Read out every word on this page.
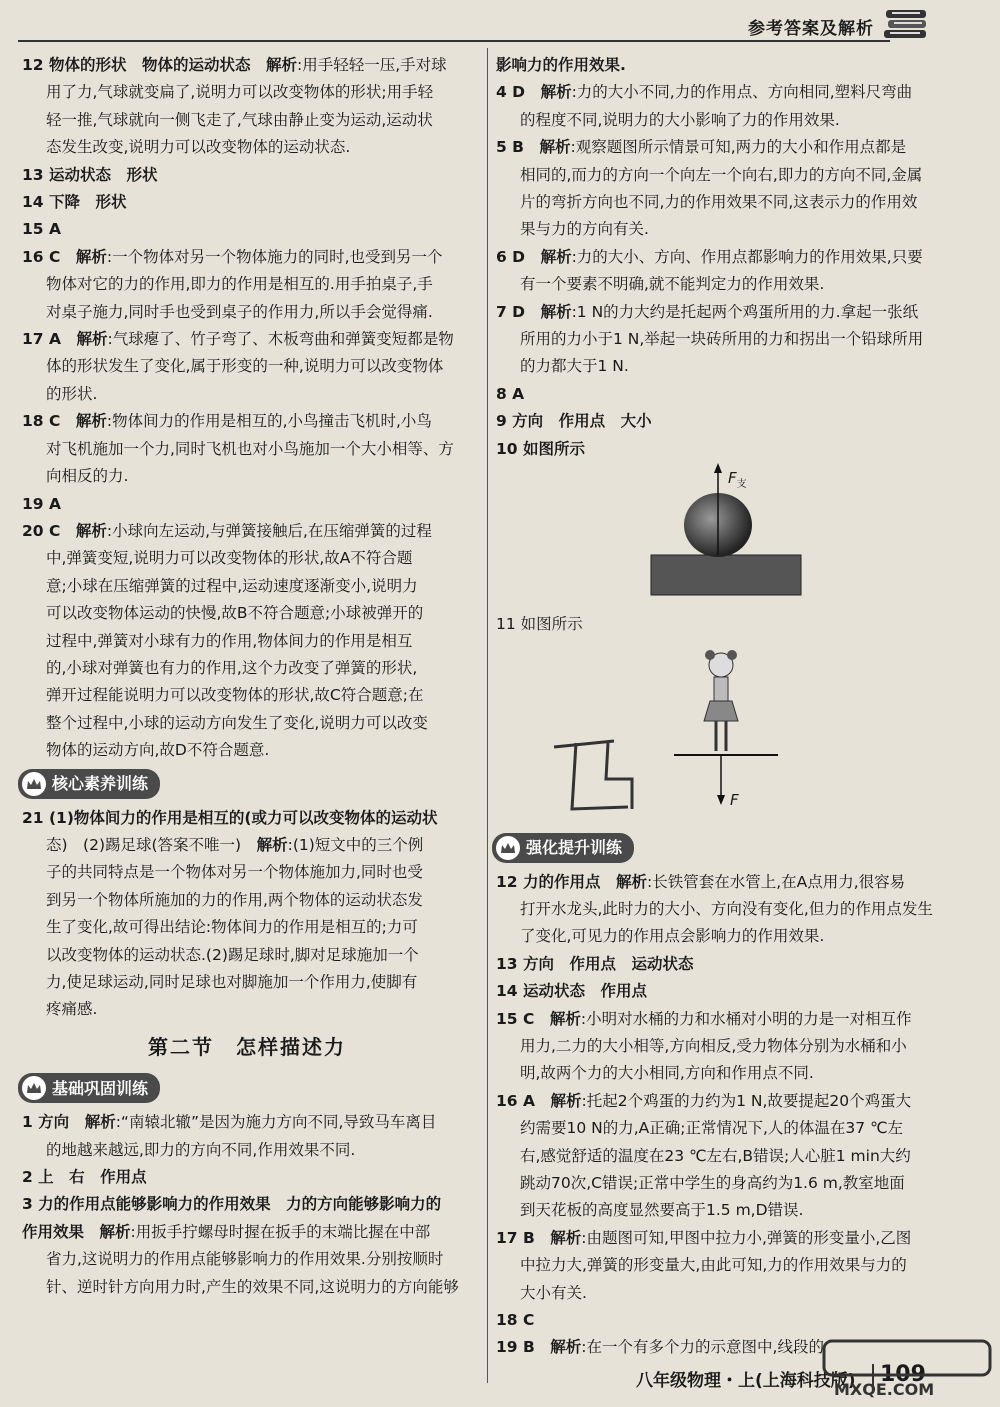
参考答案及解析
12 物体的形状　物体的运动状态　解析:用手轻轻一压,手对球
用了力,气球就变扁了,说明力可以改变物体的形状;用手轻
轻一推,气球就向一侧飞走了,气球由静止变为运动,运动状
态发生改变,说明力可以改变物体的运动状态.
13 运动状态　形状
14 下降　形状
15 A
16 C　解析:一个物体对另一个物体施力的同时,也受到另一个
物体对它的力的作用,即力的作用是相互的.用手拍桌子,手
对桌子施力,同时手也受到桌子的作用力,所以手会觉得痛.
17 A　解析:气球瘪了、竹子弯了、木板弯曲和弹簧变短都是物
体的形状发生了变化,属于形变的一种,说明力可以改变物体
的形状.
18 C　解析:物体间力的作用是相互的,小鸟撞击飞机时,小鸟
对飞机施加一个力,同时飞机也对小鸟施加一个大小相等、方
向相反的力.
19 A
20 C　解析:小球向左运动,与弹簧接触后,在压缩弹簧的过程
中,弹簧变短,说明力可以改变物体的形状,故A不符合题
意;小球在压缩弹簧的过程中,运动速度逐渐变小,说明力
可以改变物体运动的快慢,故B不符合题意;小球被弹开的
过程中,弹簧对小球有力的作用,物体间力的作用是相互
的,小球对弹簧也有力的作用,这个力改变了弹簧的形状,
弹开过程能说明力可以改变物体的形状,故C符合题意;在
整个过程中,小球的运动方向发生了变化,说明力可以改变
物体的运动方向,故D不符合题意.
核心素养训练
21 (1)物体间力的作用是相互的(或力可以改变物体的运动状
态)　(2)踢足球(答案不唯一)　解析:(1)短文中的三个例
子的共同特点是一个物体对另一个物体施加力,同时也受
到另一个物体所施加的力的作用,两个物体的运动状态发
生了变化,故可得出结论:物体间力的作用是相互的;力可
以改变物体的运动状态.(2)踢足球时,脚对足球施加一个
力,使足球运动,同时足球也对脚施加一个作用力,使脚有
疼痛感.
第二节　怎样描述力
基础巩固训练
1 方向　解析:“南辕北辙”是因为施力方向不同,导致马车离目
的地越来越远,即力的方向不同,作用效果不同.
2 上　右　作用点
3 力的作用点能够影响力的作用效果　力的方向能够影响力的
作用效果　解析:用扳手拧螺母时握在扳手的末端比握在中部
省力,这说明力的作用点能够影响力的作用效果.分别按顺时
针、逆时针方向用力时,产生的效果不同,这说明力的方向能够
影响力的作用效果.
4 D　解析:力的大小不同,力的作用点、方向相同,塑料尺弯曲
的程度不同,说明力的大小影响了力的作用效果.
5 B　解析:观察题图所示情景可知,两力的大小和作用点都是
相同的,而力的方向一个向左一个向右,即力的方向不同,金属
片的弯折方向也不同,力的作用效果不同,这表示力的作用效
果与力的方向有关.
6 D　解析:力的大小、方向、作用点都影响力的作用效果,只要
有一个要素不明确,就不能判定力的作用效果.
7 D　解析:1 N的力大约是托起两个鸡蛋所用的力.拿起一张纸
所用的力小于1 N,举起一块砖所用的力和拐出一个铅球所用
的力都大于1 N.
8 A
9 方向　作用点　大小
10 如图所示
$F_支$
11 如图所示
F
强化提升训练
12 力的作用点　解析:长铁管套在水管上,在A点用力,很容易
打开水龙头,此时力的大小、方向没有变化,但力的作用点发生
了变化,可见力的作用点会影响力的作用效果.
13 方向　作用点　运动状态
14 运动状态　作用点
15 C　解析:小明对水桶的力和水桶对小明的力是一对相互作
用力,二力的大小相等,方向相反,受力物体分别为水桶和小
明,故两个力的大小相同,方向和作用点不同.
16 A　解析:托起2个鸡蛋的力约为1 N,故要提起20个鸡蛋大
约需要10 N的力,A正确;正常情况下,人的体温在37 ℃左
右,感觉舒适的温度在23 ℃左右,B错误;人心脏1 min大约
跳动70次,C错误;正常中学生的身高约为1.6 m,教室地面
到天花板的高度显然要高于1.5 m,D错误.
17 B　解析:由题图可知,甲图中拉力小,弹簧的形变量小,乙图
中拉力大,弹簧的形变量大,由此可知,力的作用效果与力的
大小有关.
18 C
19 B　解析:在一个有多个力的示意图中,线段的
八年级物理・上(上海科技版) 109
MXQE.COM
